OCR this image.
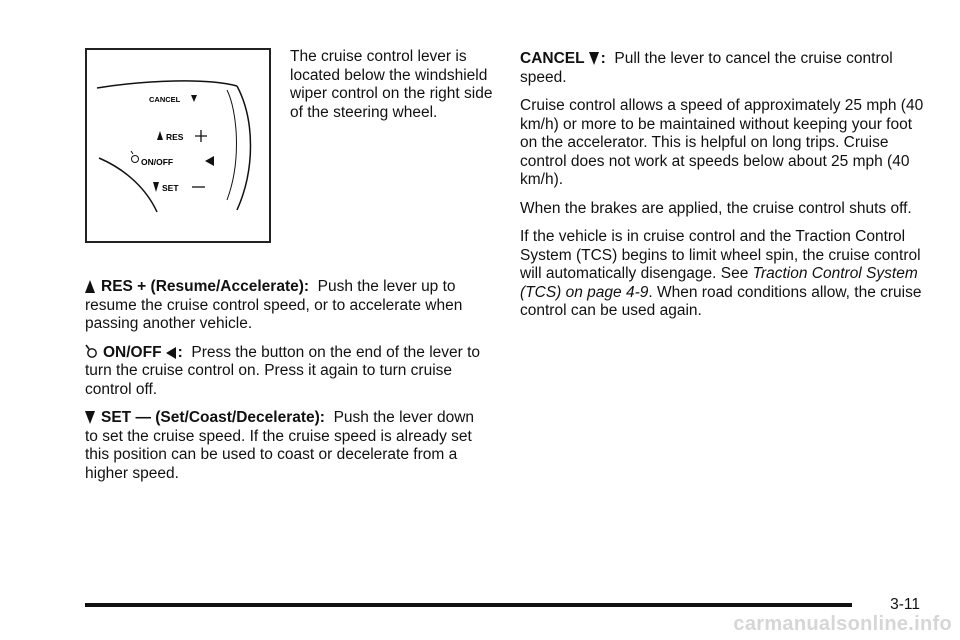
CANCEL
RES
ON/OFF
SET

The cruise control lever is located below the windshield wiper control on the right side of the steering wheel.

RES + (Resume/Accelerate): Push the lever up to resume the cruise control speed, or to accelerate when passing another vehicle.

ON/OFF : Press the button on the end of the lever to turn the cruise control on. Press it again to turn cruise control off.

SET — (Set/Coast/Decelerate): Push the lever down to set the cruise speed. If the cruise speed is already set this position can be used to coast or decelerate from a higher speed.

CANCEL : Pull the lever to cancel the cruise control speed.

Cruise control allows a speed of approximately 25 mph (40 km/h) or more to be maintained without keeping your foot on the accelerator. This is helpful on long trips. Cruise control does not work at speeds below about 25 mph (40 km/h).

When the brakes are applied, the cruise control shuts off.

If the vehicle is in cruise control and the Traction Control System (TCS) begins to limit wheel spin, the cruise control will automatically disengage. See Traction Control System (TCS) on page 4-9. When road conditions allow, the cruise control can be used again.

3-11
carmanualsonline.info
